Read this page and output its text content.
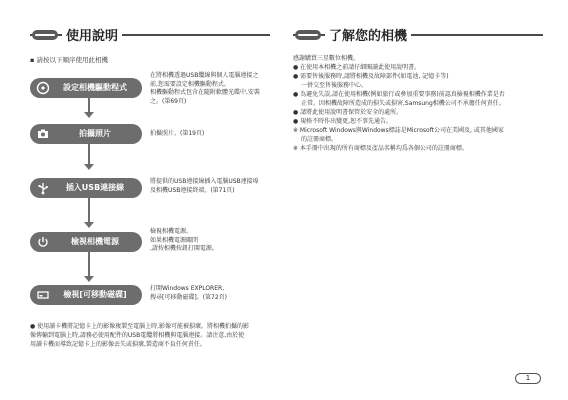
使用說明
▪ 請按以下順序使用此相機
設定相機驅動程式
在將相機透過USB纜線與個人電腦連接之
前,您需要設定相機驅動程式。
相機驅動程式包含在隨附軟體光碟中,安裝
之。(第69頁)
拍攝照片	拍攝照片。(第19頁)
插入USB連接線
將提供的USB連接線插入電腦USB連接埠
及相機USB連接終端。(第71頁)
檢視相機電源
檢視相機電源。
如果相機電源關閉
,請按相機按鈕打開電源。
檢視[可移動磁碟]
打開Windows EXPLORER,
搜尋[可移動磁碟]。(第72頁)
● 使用讀卡機將記憶卡上的影像複製至電腦上時,影像可能被損壞。將相機拍攝的影
像傳輸到電腦上時,請務必使用配件的USB電纜將相機與電腦連接。請注意,由於使
用讀卡機而導致記憶卡上的影像丟失或損壞,製造商不負任何責任。
了解您的相機
感謝購買三星數位相機。
● 在使用本相機之前請仔細閱讀此使用說明書。
● 需要售後服務時,請將相機及故障部件(如電池, 記憶卡等)
一併交至售後服務中心。
● 為避免失誤,請在使用相機(例如旅行或參加重要事務)前認真檢視相機作業是否
正常。因相機故障所造成的損失或損害,Samsung相機公司不承擔任何責任。
● 請將此使用說明書保管於安全的處所。
● 規格不時作出變更,恕不事先通告。
※ Microsoft Windows與Windows標誌是Microsoft公司在美國及, 或其他國家
的註冊商標。
※ 本手冊中出現的所有商標及產品名稱均爲各個公司的註冊商標。
1
